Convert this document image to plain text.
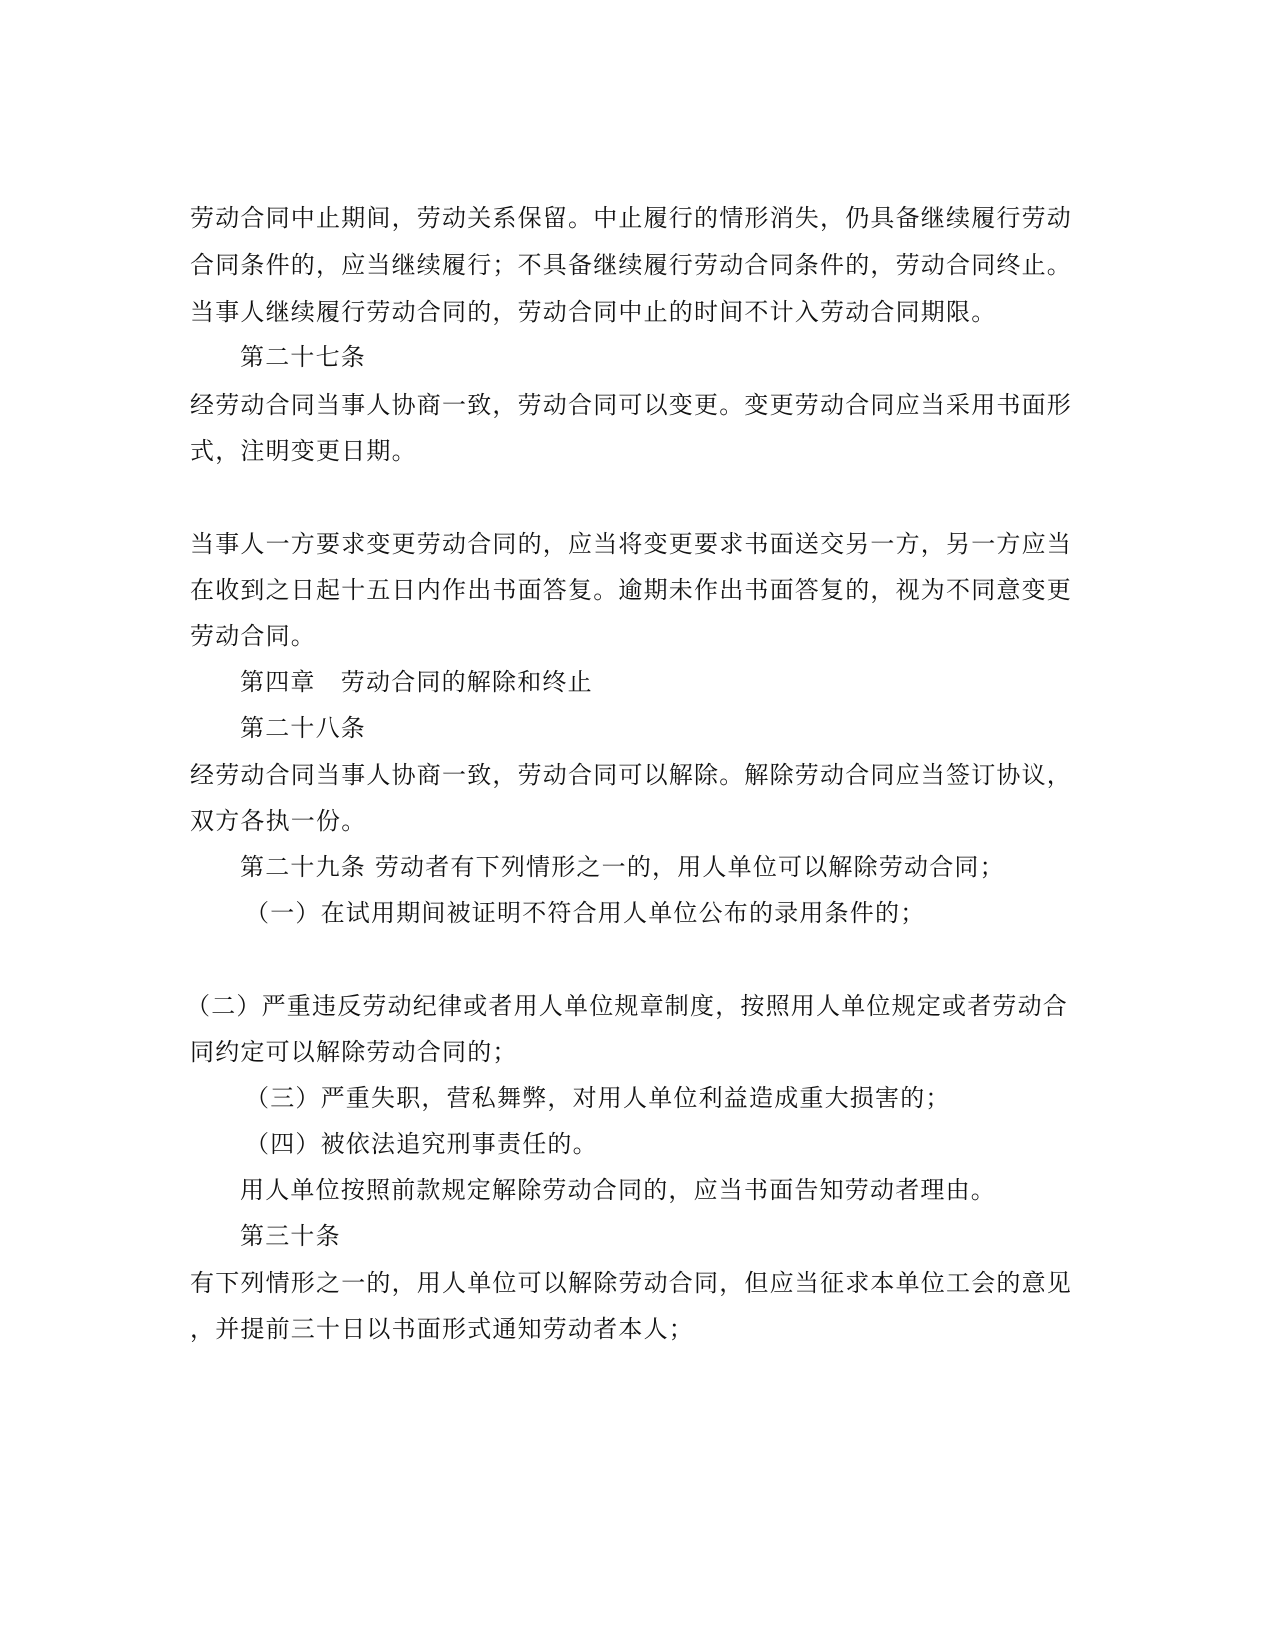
劳动合同中止期间，劳动关系保留。中止履行的情形消失，仍具备继续履行劳动
合同条件的，应当继续履行；不具备继续履行劳动合同条件的，劳动合同终止。
当事人继续履行劳动合同的，劳动合同中止的时间不计入劳动合同期限。
第二十七条
经劳动合同当事人协商一致，劳动合同可以变更。变更劳动合同应当采用书面形
式，注明变更日期。
当事人一方要求变更劳动合同的，应当将变更要求书面送交另一方，另一方应当
在收到之日起十五日内作出书面答复。逾期未作出书面答复的，视为不同意变更
劳动合同。
第四章　劳动合同的解除和终止
第二十八条
经劳动合同当事人协商一致，劳动合同可以解除。解除劳动合同应当签订协议，
双方各执一份。
第二十九条 劳动者有下列情形之一的，用人单位可以解除劳动合同；
（一）在试用期间被证明不符合用人单位公布的录用条件的；
（二）严重违反劳动纪律或者用人单位规章制度，按照用人单位规定或者劳动合
同约定可以解除劳动合同的；
（三）严重失职，营私舞弊，对用人单位利益造成重大损害的；
（四）被依法追究刑事责任的。
用人单位按照前款规定解除劳动合同的，应当书面告知劳动者理由。
第三十条
有下列情形之一的，用人单位可以解除劳动合同，但应当征求本单位工会的意见
，并提前三十日以书面形式通知劳动者本人；
